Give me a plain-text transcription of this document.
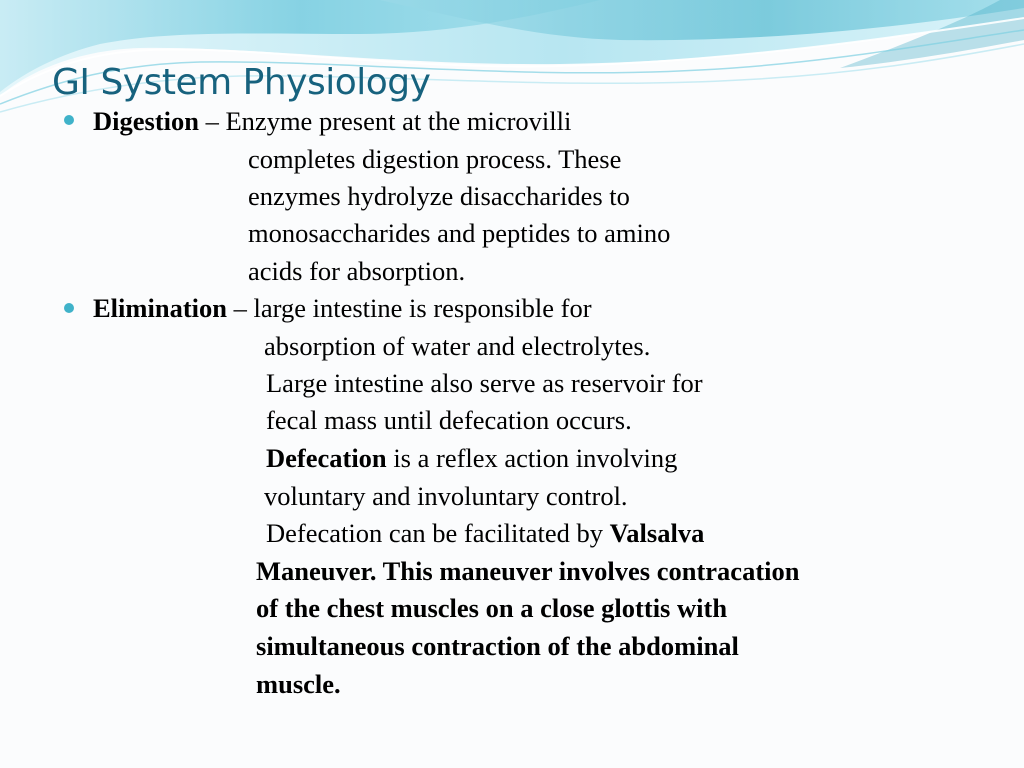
GI System Physiology
Digestion – Enzyme present at the microvilli
completes digestion process. These
enzymes hydrolyze disaccharides to
monosaccharides and peptides to amino
acids for absorption.
Elimination – large intestine is responsible for
absorption of water and electrolytes.
Large intestine also serve as reservoir for
fecal mass until defecation occurs.
Defecation is a reflex action involving
voluntary and involuntary control.
Defecation can be facilitated by Valsalva
Maneuver. This maneuver involves contracation
of the chest muscles on a close glottis with
simultaneous contraction of the abdominal
muscle.
